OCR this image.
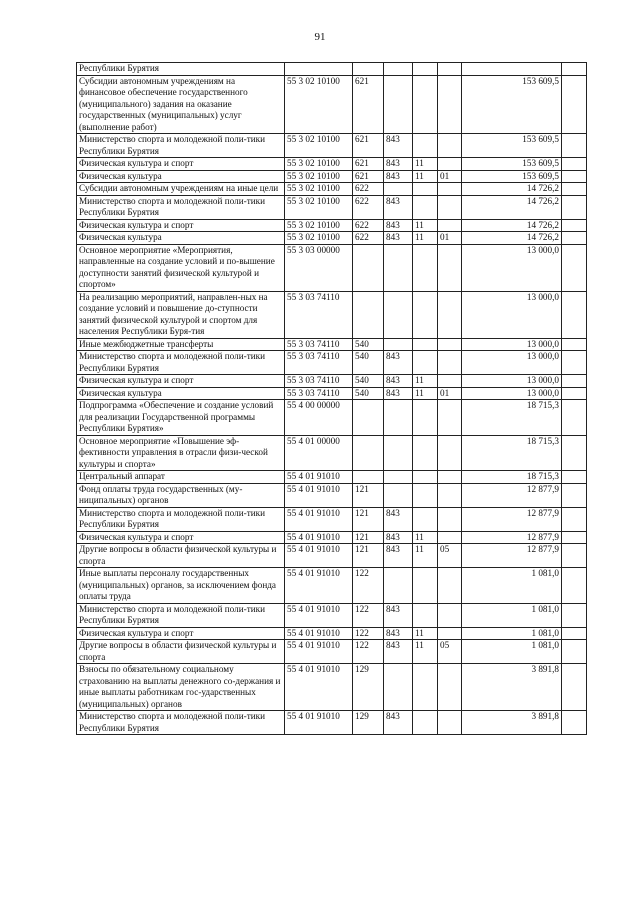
91
Республики Бурятия							
Субсидии автономным учреждениям на финансовое обеспечение государственного (муниципального) задания на оказание государственных (муниципальных) услуг (выполнение работ)	55 3 02 10100	621				153 609,5	
Министерство спорта и молодежной поли-тики Республики Бурятия	55 3 02 10100	621	843			153 609,5	
Физическая культура и спорт	55 3 02 10100	621	843	11		153 609,5	
Физическая культура	55 3 02 10100	621	843	11	01	153 609,5	
Субсидии автономным учреждениям на иные цели	55 3 02 10100	622				14 726,2	
Министерство спорта и молодежной поли-тики Республики Бурятия	55 3 02 10100	622	843			14 726,2	
Физическая культура и спорт	55 3 02 10100	622	843	11		14 726,2	
Физическая культура	55 3 02 10100	622	843	11	01	14 726,2	
Основное мероприятие «Мероприятия, направленные на создание условий и по-вышение доступности занятий физической культурой и спортом»	55 3 03 00000					13 000,0	
На реализацию мероприятий, направлен-ных на создание условий и повышение до-ступности занятий физической культурой и спортом для населения Республики Буря-тия	55 3 03 74110					13 000,0	
Иные межбюджетные трансферты	55 3 03 74110	540				13 000,0	
Министерство спорта и молодежной поли-тики Республики Бурятия	55 3 03 74110	540	843			13 000,0	
Физическая культура и спорт	55 3 03 74110	540	843	11		13 000,0	
Физическая культура	55 3 03 74110	540	843	11	01	13 000,0	
Подпрограмма «Обеспечение и создание условий для реализации Государственной программы Республики Бурятия»	55 4 00 00000					18 715,3	
Основное мероприятие «Повышение эф-фективности управления в отрасли физи-ческой культуры и спорта»	55 4 01 00000					18 715,3	
Центральный аппарат	55 4 01 91010					18 715,3	
Фонд оплаты труда государственных (му-ниципальных) органов	55 4 01 91010	121				12 877,9	
Министерство спорта и молодежной поли-тики Республики Бурятия	55 4 01 91010	121	843			12 877,9	
Физическая культура и спорт	55 4 01 91010	121	843	11		12 877,9	
Другие вопросы в области физической культуры и спорта	55 4 01 91010	121	843	11	05	12 877,9	
Иные выплаты персоналу государственных (муниципальных) органов, за исключением фонда оплаты труда	55 4 01 91010	122				1 081,0	
Министерство спорта и молодежной поли-тики Республики Бурятия	55 4 01 91010	122	843			1 081,0	
Физическая культура и спорт	55 4 01 91010	122	843	11		1 081,0	
Другие вопросы в области физической культуры и спорта	55 4 01 91010	122	843	11	05	1 081,0	
Взносы по обязательному социальному страхованию на выплаты денежного со-держания и иные выплаты работникам гос-ударственных (муниципальных) органов	55 4 01 91010	129				3 891,8	
Министерство спорта и молодежной поли-тики Республики Бурятия	55 4 01 91010	129	843			3 891,8	
